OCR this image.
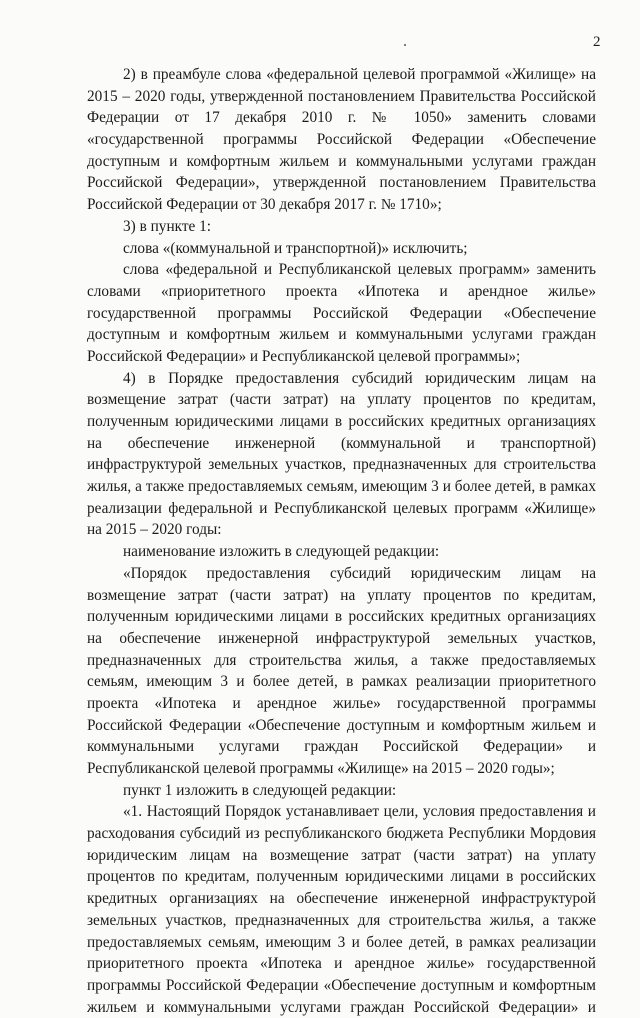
2
2) в преамбуле слова «федеральной целевой программой «Жилище» на
2015 – 2020 годы, утвержденной постановлением Правительства Российской
Федерации от 17 декабря 2010 г. № 1050» заменить словами
«государственной программы Российской Федерации «Обеспечение
доступным и комфортным жильем и коммунальными услугами граждан
Российской Федерации», утвержденной постановлением Правительства
Российской Федерации от 30 декабря 2017 г. № 1710»;
3) в пункте 1:
слова «(коммунальной и транспортной)» исключить;
слова «федеральной и Республиканской целевых программ» заменить
словами «приоритетного проекта «Ипотека и арендное жилье»
государственной программы Российской Федерации «Обеспечение
доступным и комфортным жильем и коммунальными услугами граждан
Российской Федерации» и Республиканской целевой программы»;
4) в Порядке предоставления субсидий юридическим лицам на
возмещение затрат (части затрат) на уплату процентов по кредитам,
полученным юридическими лицами в российских кредитных организациях
на обеспечение инженерной (коммунальной и транспортной)
инфраструктурой земельных участков, предназначенных для строительства
жилья, а также предоставляемых семьям, имеющим 3 и более детей, в рамках
реализации федеральной и Республиканской целевых программ «Жилище»
на 2015 – 2020 годы:
наименование изложить в следующей редакции:
«Порядок предоставления субсидий юридическим лицам на
возмещение затрат (части затрат) на уплату процентов по кредитам,
полученным юридическими лицами в российских кредитных организациях
на обеспечение инженерной инфраструктурой земельных участков,
предназначенных для строительства жилья, а также предоставляемых
семьям, имеющим 3 и более детей, в рамках реализации приоритетного
проекта «Ипотека и арендное жилье» государственной программы
Российской Федерации «Обеспечение доступным и комфортным жильем и
коммунальными услугами граждан Российской Федерации» и
Республиканской целевой программы «Жилище» на 2015 – 2020 годы»;
пункт 1 изложить в следующей редакции:
«1. Настоящий Порядок устанавливает цели, условия предоставления и
расходования субсидий из республиканского бюджета Республики Мордовия
юридическим лицам на возмещение затрат (части затрат) на уплату
процентов по кредитам, полученным юридическими лицами в российских
кредитных организациях на обеспечение инженерной инфраструктурой
земельных участков, предназначенных для строительства жилья, а также
предоставляемых семьям, имеющим 3 и более детей, в рамках реализации
приоритетного проекта «Ипотека и арендное жилье» государственной
программы Российской Федерации «Обеспечение доступным и комфортным
жильем и коммунальными услугами граждан Российской Федерации» и
